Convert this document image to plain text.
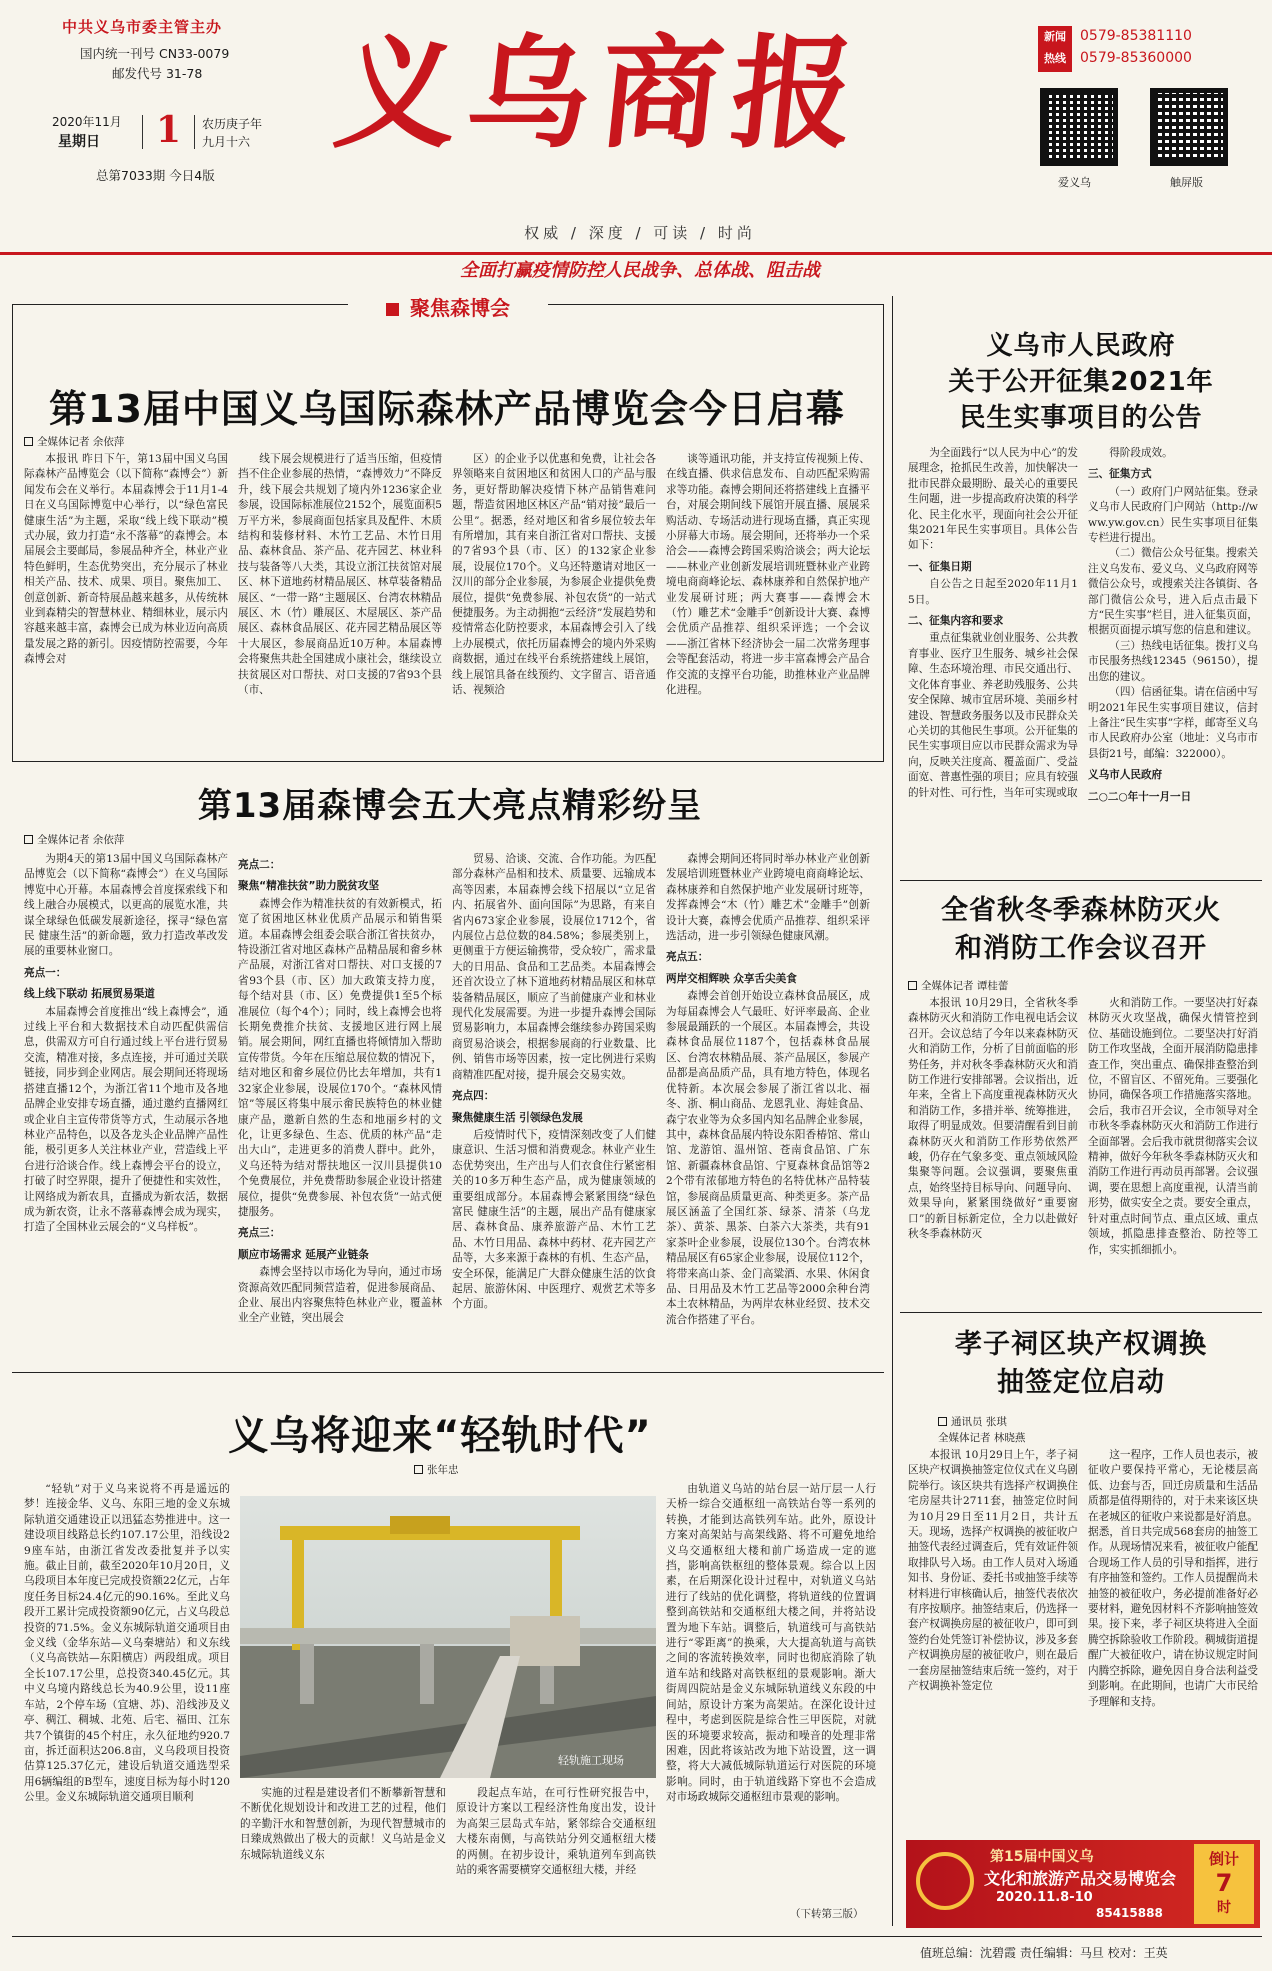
中共义乌市委主管主办
国内统一刊号 CN33-0079
邮发代号 31-78
2020年11月
星期日 1 农历庚子年
九月十六
总第7033期 今日4版
义乌商报
权威 / 深度 / 可读 / 时尚
新闻
热线
0579-85381110
0579-85360000
爱义乌	触屏版
全面打赢疫情防控人民战争、总体战、阻击战
聚焦森博会
第13届中国义乌国际森林产品博览会今日启幕
全媒体记者 余依萍

本报讯 昨日下午，第13届中国义乌国际森林产品博览会（以下简称“森博会”）新闻发布会在义举行。本届森博会于11月1-4日在义乌国际博览中心举行，以“绿色富民 健康生活”为主题，采取“线上线下联动”模式办展，致力打造“永不落幕”的森博会。本届展会主要邮局，参展品种齐全，林业产业特色鲜明，生态优势突出，充分展示了林业相关产品、技术、成果、项目。聚焦加工、创意创新、新奇特展品越来越多，从传统林业到森精尖的智慧林业、精细林业，展示内容越来越丰富，森博会已成为林业迈向高质量发展之路的新引。因疫情防控需要，今年森博会对

线下展会规模进行了适当压缩，但疫情挡不住企业参展的热情，“森博效力”不降反升，线下展会共规划了境内外1236家企业参展，设国际标准展位2152个，展览面积5万平方米，参展商面包括家具及配件、木质结构和装修材料、木竹工艺品、木竹日用品、森林食品、茶产品、花卉园艺、林业科技与装备等八大类，其设立浙江扶贫馆对展区、林下道地药材精品展区、林草装备精品展区、“一带一路”主题展区、台湾农林精品展区、木（竹）雕展区、木屋展区、茶产品展区、森林食品展区、花卉园艺精品展区等十大展区，参展商品近10万种。本届森博会将聚焦共赴全国建成小康社会，继续设立扶贫展区对口帮扶、对口支援的7省93个县（市、

区）的企业予以优惠和免费，让社会各界领略来自贫困地区和贫困人口的产品与服务，更好帮助解决疫情下林产品销售难问题，帮造贫困地区林区产品“销对接”最后一公里”。据悉，经对地区和省乡展位较去年有所增加，其有来自浙江省对口帮扶、支援的7省93个县（市、区）的132家企业参展，设展位170个。义乌还特邀请对地区一汉川的部分企业参展，为参展企业提供免费展位，提供“免费参展、补包农货”的一站式便捷服务。为主动拥抱“云经济”发展趋势和疫情常态化防控要求，本届森博会引入了线上办展模式，依托历届森博会的境内外采购商数据，通过在线平台系统搭建线上展馆，线上展馆具备在线预约、文字留言、语音通话、视频洽

谈等通讯功能，并支持宣传视频上传、在线直播、供求信息发布、自动匹配采购需求等功能。森博会期间还将搭建线上直播平台，对展会期间线下展馆开展直播、展展采购活动、专场活动进行现场直播，真正实现小屏幕大市场。展会期间，还将举办一个采洽会——森博会跨国采购洽谈会；两大论坛——林业产业创新发展培训班暨林业产业跨境电商商峰论坛、森林康养和自然保护地产业发展研讨班；两大赛事——森博会木（竹）雕艺术“金雕手”创新设计大赛、森博会优质产品推荐、组织采评选；一个会议——浙江省林下经济协会一届二次常务理事会等配套活动，将进一步丰富森博会产品合作交流的支撑平台功能，助推林业产业品牌化进程。

第13届森博会五大亮点精彩纷呈
全媒体记者 余依萍

为期4天的第13届中国义乌国际森林产品博览会（以下简称“森博会”）在义乌国际博览中心开幕。本届森博会首度探索线下和线上融合办展模式，以更高的展览水准，共谋全球绿色低碳发展新途径，探寻“绿色富民 健康生活”的新命题，致力打造改革改发展的重要林业窗口。

亮点一：

线上线下联动 拓展贸易渠道

本届森博会首度推出“线上森博会”，通过线上平台和大数据技术自动匹配供需信息，供需双方可自行通过线上平台进行贸易交流，精准对接，多点连接，并可通过关联链接，同步到企业网店。展会期间还将现场搭建直播12个，为浙江省11个地市及各地品牌企业安排专场直播，通过邀约直播网红或企业自主宣传带货等方式，生动展示各地林业产品特色，以及各龙头企业品牌产品性能，极引更多人关注林业产业，营造线上平台进行洽谈合作。线上森博会平台的设立，打破了时空界限，提升了便捷性和实效性，让网络成为新农具，直播成为新农活，数据成为新农资，让永不落幕森博会成为现实，打造了全国林业云展会的“义乌样板”。

亮点二：

聚焦“精准扶贫”助力脱贫攻坚

森博会作为精准扶贫的有效新模式，拓宽了贫困地区林业优质产品展示和销售渠道。本届森博会组委会联合浙江省扶贫办，特设浙江省对地区森林产品精品展和畲乡林产品展，对浙江省对口帮扶、对口支援的7省93个县（市、区）加大政策支持力度，每个结对县（市、区）免费提供1至5个标准展位（每个4个）；同时，线上森博会也将长期免费推介扶贫、支援地区进行网上展销。展会期间，网红直播也将倾情加入帮助宣传带货。今年在压缩总展位数的情况下，结对地区和畲乡展位仍比去年增加，共有132家企业参展，设展位170个。“森林风情馆”等展区将集中展示畲民族特色的林业健康产品，邀新自然的生态和地丽乡村的文化，让更多绿色、生态、优质的林产品“走出大山”，走进更多的消费人群中。此外，义乌还特为结对帮扶地区一汉川县提供10个免费展位，并免费帮助参展企业设计搭建展位，提供“免费参展、补包农货”一站式便捷服务。

亮点三：

顺应市场需求 延展产业链条

森博会坚持以市场化为导向，通过市场资源高效匹配同频营造着，促进参展商品、企业、展出内容聚焦特色林业产业，覆盖林业全产业链，突出展会

贸易、洽谈、交流、合作功能。为匹配部分森林产品相和技术、质量要、远输成本高等因素，本届森博会线下招展以“立足省内、拓展省外、面向国际”为思路，有来自省内673家企业参展，设展位1712个，省内展位占总位数的84.58%；参展类别上，更侧重于方便运输携带，受众较广，需求量大的日用品、食品和工艺品类。本届森博会还首次设立了林下道地药材精品展区和林草装备精品展区，顺应了当前健康产业和林业现代化发展需要。为进一步提升森博会国际贸易影响力，本届森博会继续参办跨国采购商贸易洽谈会，根据参展商的行业数量、比例、销售市场等因素，按一定比例进行采购商精准匹配对接，提升展会交易实效。

亮点四：

聚焦健康生活 引领绿色发展

后疫情时代下，疫情深刻改变了人们健康意识、生活习惯和消费观念。林业产业生态优势突出，生产出与人们衣食住行紧密相关的10多万种生态产品，成为健康领域的重要组成部分。本届森博会紧紧围绕“绿色富民 健康生活”的主题，展出产品有健康家居、森林食品、康养旅游产品、木竹工艺品、木竹日用品、森林中药材、花卉园艺产品等，大多来源于森林的有机、生态产品，安全环保，能满足广大群众健康生活的饮食起居、旅游休闲、中医理疗、观赏艺术等多个方面。

森博会期间还将同时举办林业产业创新发展培训班暨林业产业跨境电商商峰论坛、森林康养和自然保护地产业发展研讨班等，发挥森博会“木（竹）雕艺术”金雕手”创新设计大赛，森博会优质产品推荐、组织采评选活动，进一步引领绿色健康风潮。

亮点五：

两岸交相辉映 众享舌尖美食

森博会首创开始设立森林食品展区，成为每届森博会人气最旺、好评率最高、企业参展最踊跃的一个展区。本届森博会，共设森林食品展位1187个，包括森林食品展区、台湾农林精品展、茶产品展区，参展产品都是高品质产品，具有地方特色，体现名优特新。本次展会参展了浙江省以北、福冬、浙、桐山商品、龙恩乳业、海娃食品、森宁农业等为众多国内知名品牌企业参展，其中，森林食品展内特设东阳香椿馆、常山馆、龙游馆、温州馆、苍南食品馆、广东馆、新疆森林食品馆、宁夏森林食品馆等22个带有浓郁地方特色的名特优林产品特装馆，参展商品质量更高、种类更多。茶产品展区涵盖了全国红茶、绿茶、清茶（乌龙茶）、黄茶、黑茶、白茶六大茶类，共有91家茶叶企业参展，设展位130个。台湾农林精品展区有65家企业参展，设展位112个，将带来高山茶、金门高粱酒、水果、休闲食品、日用品及木竹工艺品等2000余种台湾本土农林精品，为两岸农林业经贸、技术交流合作搭建了平台。

义乌将迎来“轻轨时代”
张年忠

“轻轨”对于义乌来说将不再是遥远的梦！连接金华、义乌、东阳三地的金义东城际轨道交通建设正以迅猛态势推进中。这一建设项目线路总长约107.17公里，沿线设29座车站，由浙江省发改委批复并予以实施。截止目前，截至2020年10月20日，义乌段项目本年度已完成投资额22亿元，占年度任务目标24.4亿元的90.16%。至此义乌段开工累计完成投资额90亿元，占义乌段总投资的71.5%。金义东城际轨道交通项目由金义线（金华东站—义乌秦塘站）和义东线（义乌高铁站—东阳横店）两段组成。项目全长107.17公里，总投资340.45亿元。其中义乌境内路线总长为40.9公里，设11座车站，2个停车场（宜塘、苏)、沿线涉及义亭、稠江、稠城、北苑、后宅、福田、江东共7个镇街的45个村庄，永久征地约920.7亩，拆迁面积达206.8亩，义乌段项目投资估算125.37亿元，建设后轨道交通选型采用6辆编组的B型车，速度目标为每小时120公里。金义东城际轨道交通项目顺利

轻轨施工现场

实施的过程是建设者们不断攀新智慧和不断优化规划设计和改进工艺的过程，他们的辛勤汗水和智慧创新，为现代智慧城市的日臻成熟做出了极大的贡献！义乌站是金义东城际轨道线义东

段起点车站，在可行性研究报告中，原设计方案以工程经济性角度出发，设计为高架三层岛式车站，紧邻综合交通枢纽大楼东南侧，与高铁站分列交通枢纽大楼的两侧。在初步设计，乘轨道列车到高铁站的乘客需要横穿交通枢纽大楼，并经

由轨道义乌站的站台层一站厅层一人行天桥一综合交通枢纽一高铁站台等一系列的转换，才能到达高铁列车站。此外，原设计方案对高架站与高架线路、将不可避免地给义乌交通枢纽大楼和前广场造成一定的遮挡，影响高铁枢纽的整体景观。综合以上因素，在后期深化设计过程中，对轨道义乌站进行了线站的优化调整，将轨道线的位置调整到高铁站和交通枢纽大楼之间，并将站设置为地下车站。调整后，轨道线可与高铁站进行“零距离”的换乘，大大提高轨道与高铁之间的客流转换效率，同时也彻底消除了轨道车站和线路对高铁枢纽的景观影响。渐大街周四院站是金义东城际轨道线义东段的中间站，原设计方案为高架站。在深化设计过程中，考虑到医院是综合性三甲医院，对就医的环境要求较高，振动和噪音的处理非常困难，因此将该站改为地下站设置，这一调整，将大大减低城际轨道运行对医院的环境影响。同时，由于轨道线路下穿也不会造成对市场政城际交通枢纽市景观的影响。

（下转第三版）
义乌市人民政府
关于公开征集2021年
民生实事项目的公告

为全面践行“以人民为中心”的发展理念，抢抓民生改善，加快解决一批市民群众最期盼、最关心的重要民生问题，进一步提高政府决策的科学化、民主化水平，现面向社会公开征集2021年民生实事项目。具体公告如下：

一、征集日期

自公告之日起至2020年11月15日。

二、征集内容和要求

重点征集就业创业服务、公共教育事业、医疗卫生服务、城乡社会保障、生态环境治理、市民交通出行、文化体育事业、养老助残服务、公共安全保障、城市宜居环境、美丽乡村建设、智慧政务服务以及市民群众关心关切的其他民生事项。公开征集的民生实事项目应以市民群众需求为导向，反映关注度高、覆盖面广、受益面宽、普惠性强的项目；应具有较强的针对性、可行性，当年可实现或取

得阶段成效。

三、征集方式

（一）政府门户网站征集。登录义乌市人民政府门户网站（http://www.yw.gov.cn）民生实事项目征集专栏进行提出。

（二）微信公众号征集。搜索关注义乌发布、爱义乌、义乌政府网等微信公众号，或搜索关注各镇街、各部门微信公众号，进入后点击最下方“民生实事”栏目，进入征集页面，根据页面提示填写您的信息和建议。

（三）热线电话征集。拨打义乌市民服务热线12345（96150），提出您的建议。

（四）信函征集。请在信函中写明2021年民生实事项目建议，信封上备注“民生实事”字样，邮寄至义乌市人民政府办公室（地址：义乌市市县街21号，邮编：322000）。

义乌市人民政府

二○二○年十一月一日

全省秋冬季森林防灭火
和消防工作会议召开
全媒体记者 谭桂蕾

本报讯 10月29日，全省秋冬季森林防灭火和消防工作电视电话会议召开。会议总结了今年以来森林防灭火和消防工作，分析了目前面临的形势任务，并对秋冬季森林防灭火和消防工作进行安排部署。会议指出，近年来，全省上下高度重视森林防灭火和消防工作，多措并举、统筹推进，取得了明显成效。但要清醒看到目前森林防灭火和消防工作形势依然严峻，仍存在气象多变、重点领域风险集聚等问题。会议强调，要聚焦重点，始终坚持目标导向、问题导向、效果导向，紧紧围绕做好“重要窗口”的新目标新定位，全力以赴做好秋冬季森林防灭

火和消防工作。一要坚决打好森林防灭火攻坚战，确保火情管控到位、基础设施到位。二要坚决打好消防工作攻坚战，全面开展消防隐患排查工作，突出重点、确保排查整治到位，不留盲区、不留死角。三要强化协同，确保各项工作措施落实落地。会后，我市召开会议，全市领导对全市秋冬季森林防灭火和消防工作进行全面部署。会后我市就贯彻落实会议精神，做好今年秋冬季森林防灭火和消防工作进行再动员再部署。会议强调，要在思想上高度重视，认清当前形势，做实安全之责。要安全重点，针对重点时间节点、重点区域、重点领域，抓隐患排查整治、防控等工作，实实抓细抓小。

孝子祠区块产权调换
抽签定位启动
通讯员 张琪
全媒体记者 林晓燕

本报讯 10月29日上午，孝子祠区块产权调换抽签定位仪式在义乌剧院举行。该区块共有选择产权调换住宅房屋共计2711套，抽签定位时间为10月29日至11月2日，共计五天。现场，选择产权调换的被征收户抽签代表经过调查后，凭有效证件领取排队号入场。由工作人员对入场通知书、身份证、委托书或抽签手续等材料进行审核确认后，抽签代表依次有序按顺序。抽签结束后，仍选择一套产权调换房屋的被征收户，即可到签约台处凭签订补偿协议，涉及多套产权调换房屋的被征收户，则在最后一套房屋抽签结束后统一签约，对于产权调换补签定位

这一程序，工作人员也表示，被征收户要保持平常心，无论楼层高低、边套与否，回迁房质量和生活品质都是值得期待的，对于未来该区块在老城区的征收户来说都是好消息。据悉，首日共完成568套房的抽签工作。从现场情况来看，被征收户能配合现场工作人员的引导和指挥，进行有序抽签和签约。工作人员提醒尚未抽签的被征收户，务必提前准备好必要材料，避免因材料不齐影响抽签效果。接下来，孝子祠区块将进入全面腾空拆除验收工作阶段。稠城街道提醒广大被征收户，请在协议规定时间内腾空拆除，避免因自身合法利益受到影响。在此期间，也请广大市民给予理解和支持。

第15届中国义乌
文化和旅游产品交易博览会
2020.11.8-10
85415888
倒计
7
时
值班总编：沈碧霞 责任编辑：马旦 校对：王英
